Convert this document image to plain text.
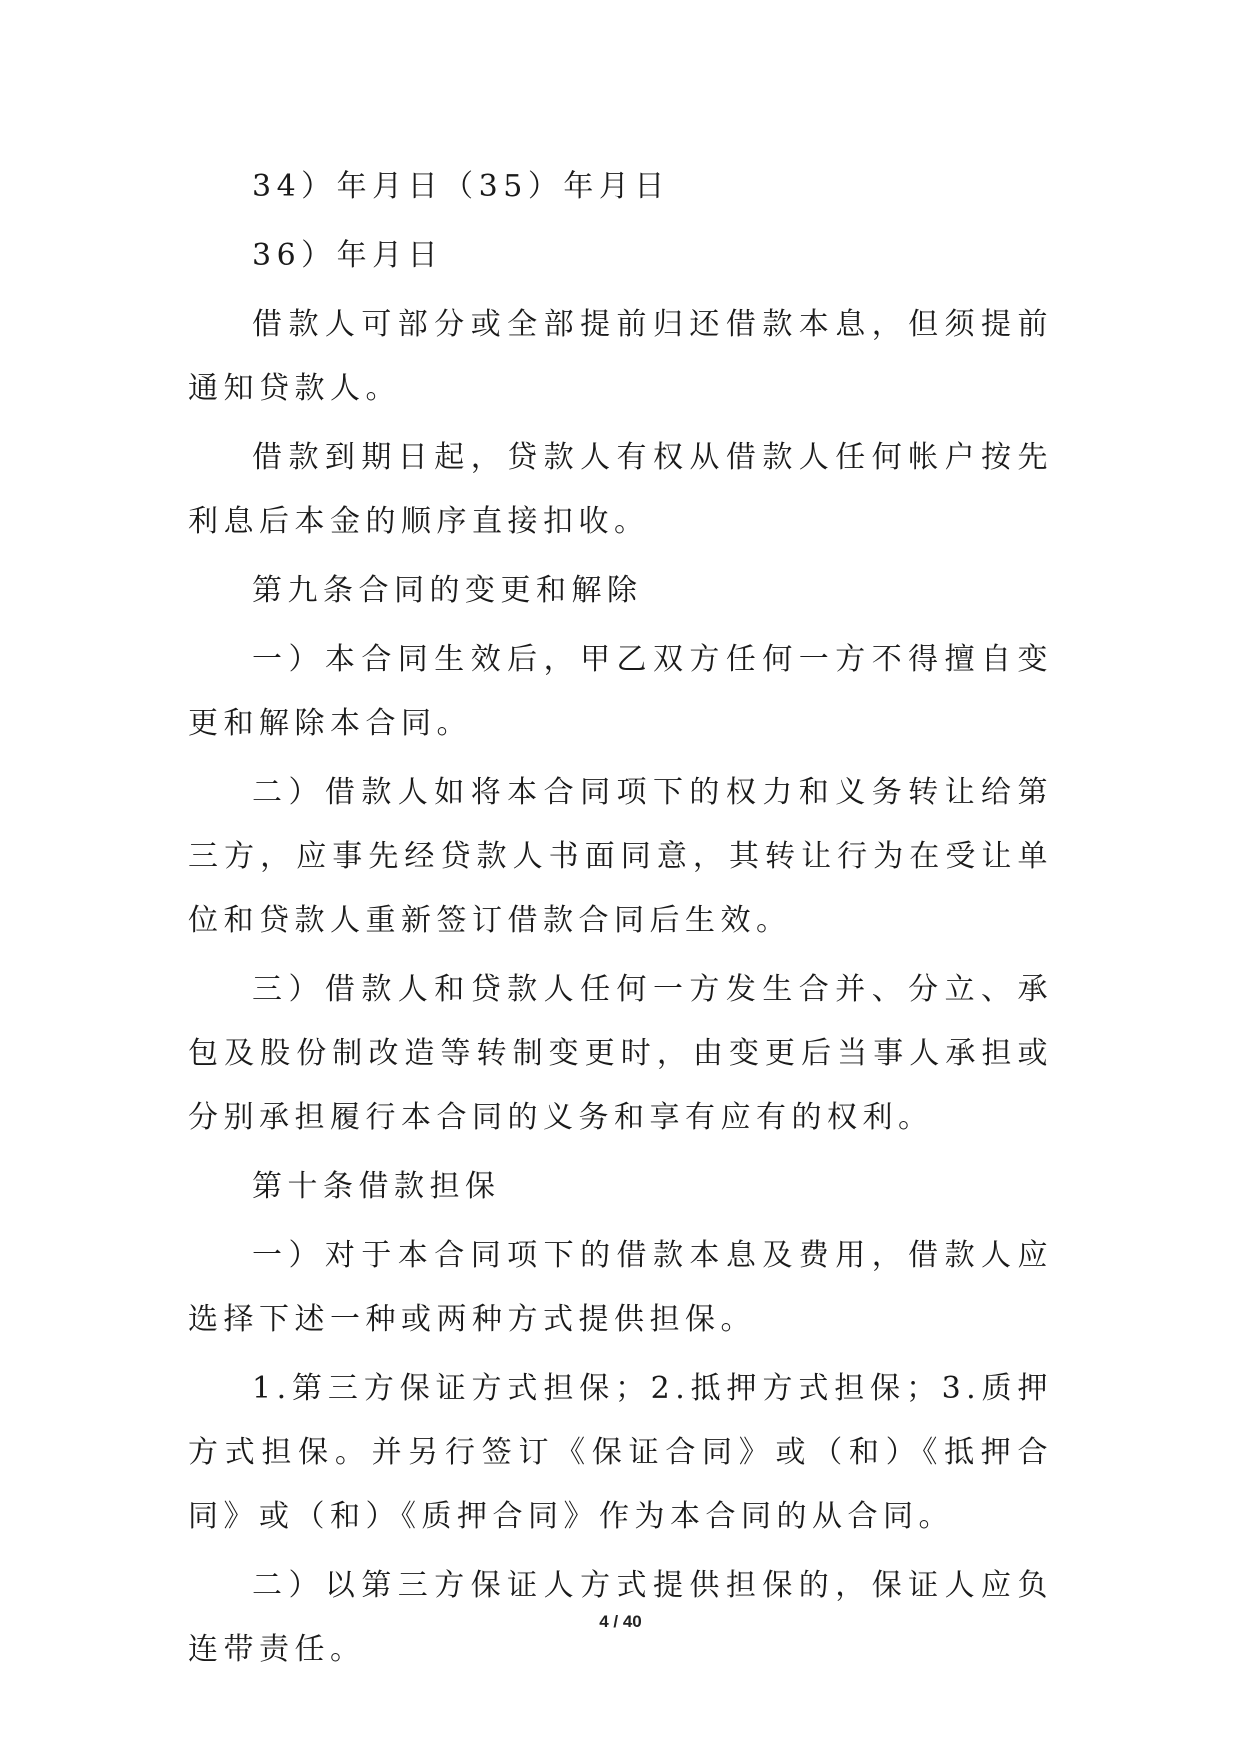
34）年月日（35）年月日

36）年月日

借款人可部分或全部提前归还借款本息，但须提前通知贷款人。

借款到期日起，贷款人有权从借款人任何帐户按先利息后本金的顺序直接扣收。

第九条合同的变更和解除

一）本合同生效后，甲乙双方任何一方不得擅自变更和解除本合同。

二）借款人如将本合同项下的权力和义务转让给第三方，应事先经贷款人书面同意，其转让行为在受让单位和贷款人重新签订借款合同后生效。

三）借款人和贷款人任何一方发生合并、分立、承包及股份制改造等转制变更时，由变更后当事人承担或分别承担履行本合同的义务和享有应有的权利。

第十条借款担保

一）对于本合同项下的借款本息及费用，借款人应选择下述一种或两种方式提供担保。

1.第三方保证方式担保；2.抵押方式担保；3.质押方式担保。并另行签订《保证合同》或（和）《抵押合同》或（和）《质押合同》作为本合同的从合同。

二）以第三方保证人方式提供担保的，保证人应负连带责任。

4 / 40
